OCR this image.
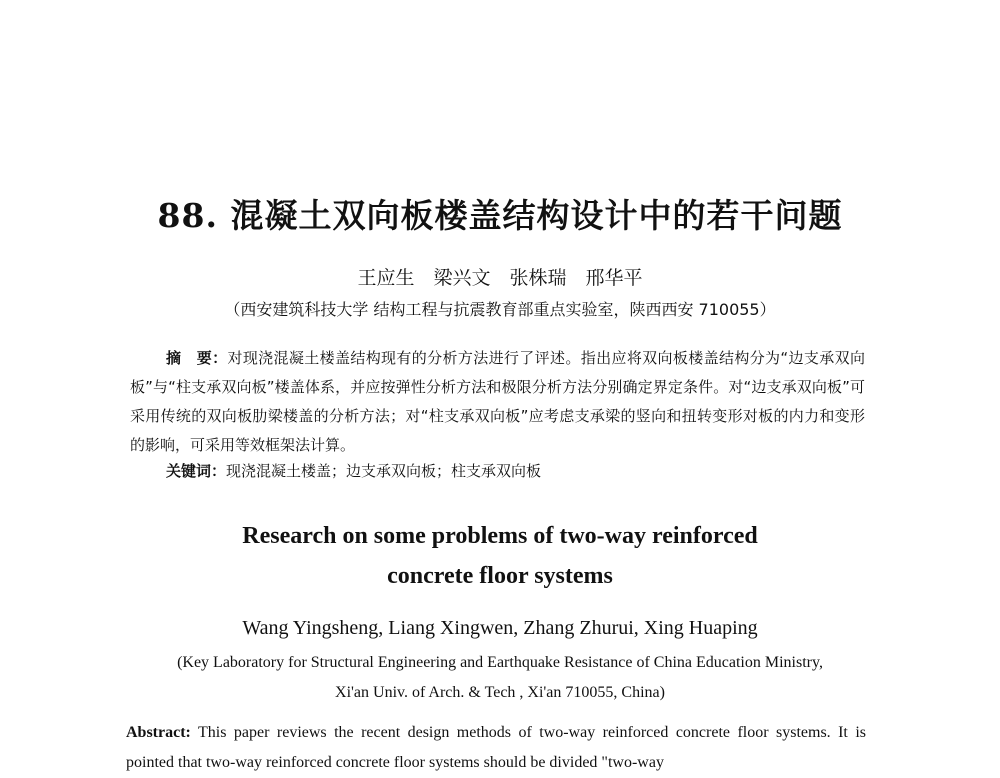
88. 混凝土双向板楼盖结构设计中的若干问题
王应生　梁兴文　张株瑞　邢华平
（西安建筑科技大学 结构工程与抗震教育部重点实验室，陕西西安 710055）
摘　要：对现浇混凝土楼盖结构现有的分析方法进行了评述。指出应将双向板楼盖结构分为“边支承双向板”与“柱支承双向板”楼盖体系，并应按弹性分析方法和极限分析方法分别确定界定条件。对“边支承双向板”可采用传统的双向板肋梁楼盖的分析方法；对“柱支承双向板”应考虑支承梁的竖向和扭转变形对板的内力和变形的影响，可采用等效框架法计算。
关键词：现浇混凝土楼盖；边支承双向板；柱支承双向板
Research on some problems of two-way reinforced
concrete floor systems
Wang Yingsheng, Liang Xingwen, Zhang Zhurui, Xing Huaping
(Key Laboratory for Structural Engineering and Earthquake Resistance of China Education Ministry,
Xi'an Univ. of Arch. & Tech , Xi'an 710055, China)
Abstract: This paper reviews the recent design methods of two-way reinforced concrete floor systems. It is pointed that two-way reinforced concrete floor systems should be divided "two-way
